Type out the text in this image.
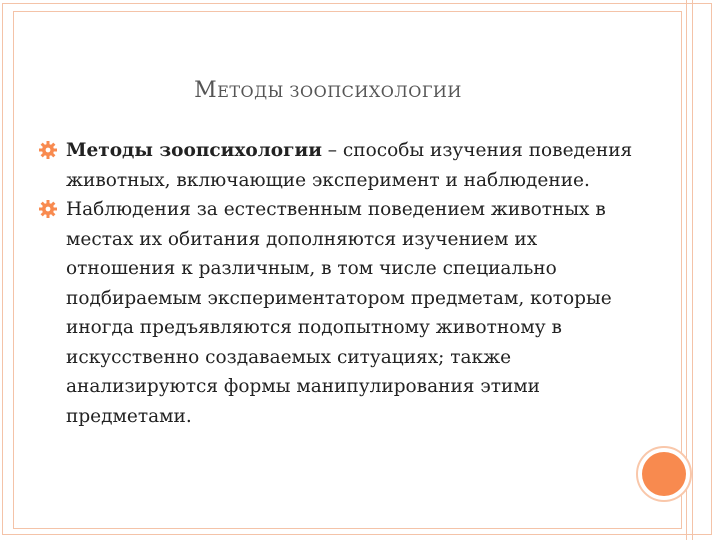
МЕТОДЫ ЗООПСИХОЛОГИИ
Методы зоопсихологии – способы изучения поведения животных, включающие эксперимент и наблюдение.
Наблюдения за естественным поведением животных в местах их обитания дополняются изучением их отношения к различным, в том числе специально подбираемым экспериментатором предметам, которые иногда предъявляются подопытному животному в искусственно создаваемых ситуациях; также анализируются формы манипулирования этими предметами.
